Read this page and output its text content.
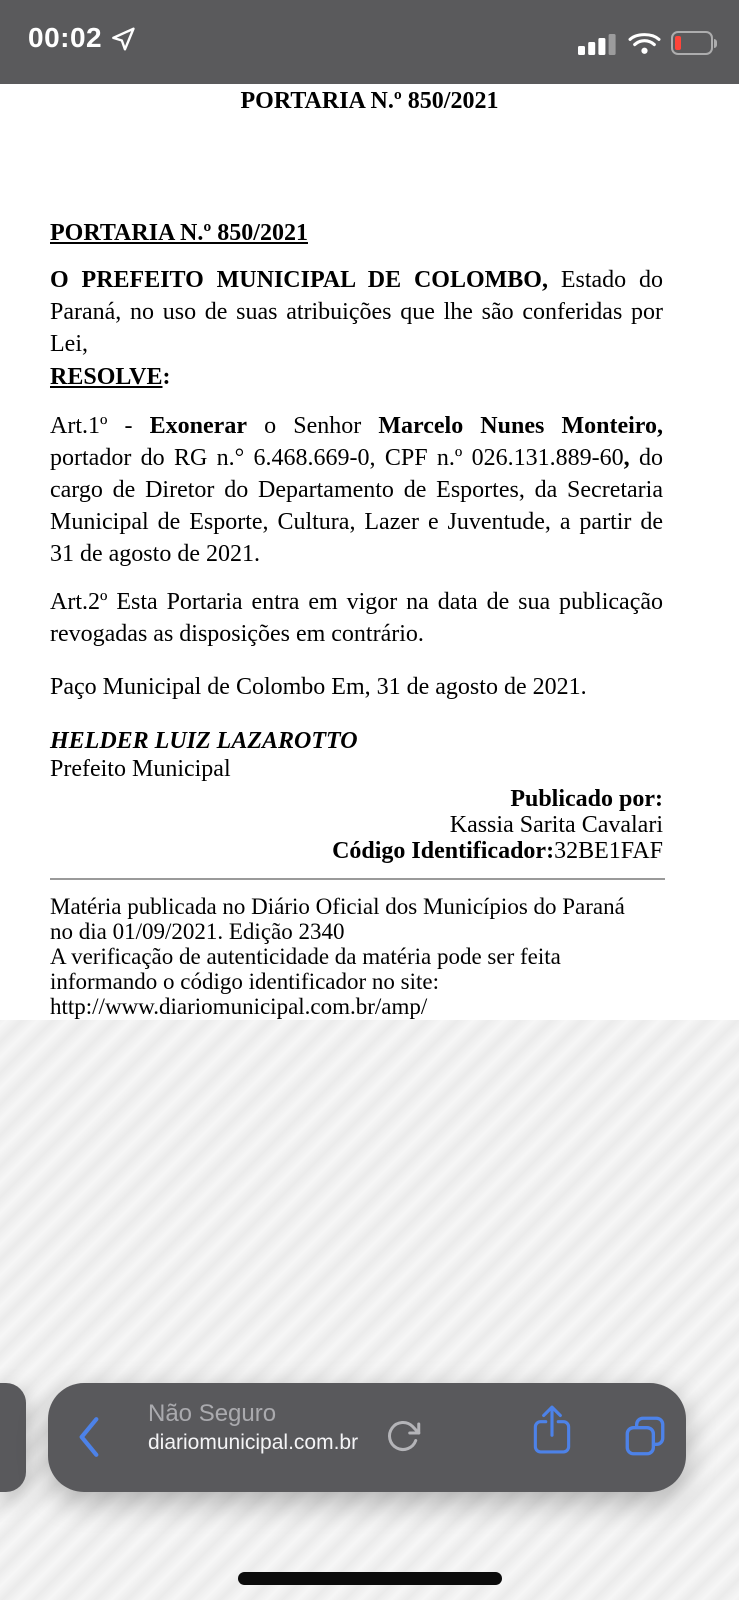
00:02
PORTARIA N.º 850/2021
PORTARIA N.º 850/2021

O PREFEITO MUNICIPAL DE COLOMBO, Estado do Paraná, no uso de suas atribuições que lhe são conferidas por Lei,

RESOLVE:

Art.1º - Exonerar o Senhor Marcelo Nunes Monteiro, portador do RG n.° 6.468.669-0, CPF n.º 026.131.889-60, do cargo de Diretor do Departamento de Esportes, da Secretaria Municipal de Esporte, Cultura, Lazer e Juventude, a partir de 31 de agosto de 2021.

Art.2º Esta Portaria entra em vigor na data de sua publicação revogadas as disposições em contrário.

Paço Municipal de Colombo Em, 31 de agosto de 2021.

HELDER LUIZ LAZAROTTO

Prefeito Municipal

Publicado por:
Kassia Sarita Cavalari
Código Identificador:32BE1FAF
Matéria publicada no Diário Oficial dos Municípios do Paraná
no dia 01/09/2021. Edição 2340
A verificação de autenticidade da matéria pode ser feita
informando o código identificador no site:
http://www.diariomunicipal.com.br/amp/
Não Seguro
diariomunicipal.com.br
